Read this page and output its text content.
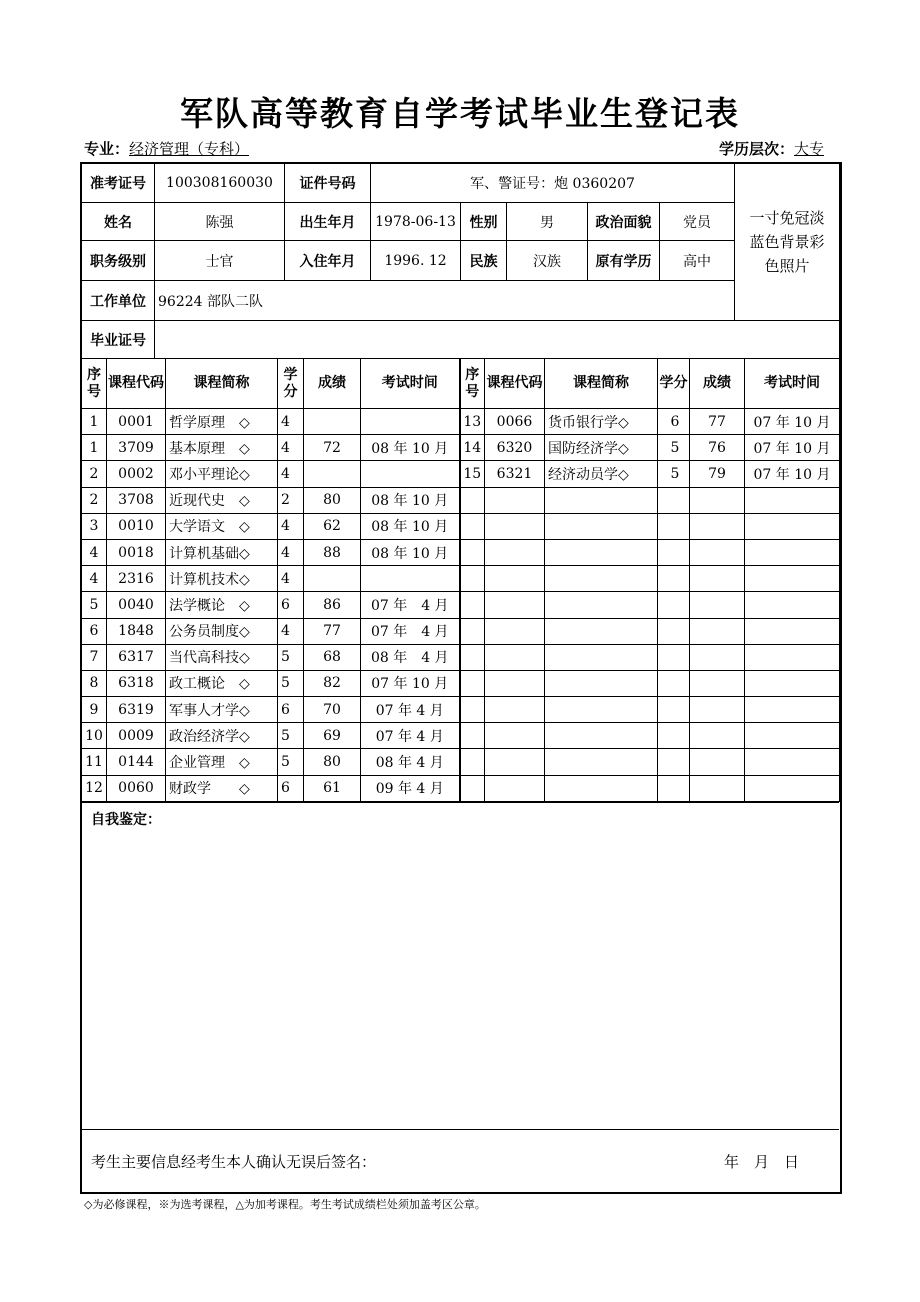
军队高等教育自学考试毕业生登记表
专业：经济管理（专科）	学历层次：大专
准考证号	100308160030	证件号码	军、警证号：炮 0360207					一寸免冠淡蓝色背景彩色照片

姓名	陈强	出生年月	1978-06-13	性别	男	政治面貌	党员	
职务级别	士官	入住年月	1996. 12	民族	汉族	原有学历	高中	
工作单位	96224 部队二队							
毕业证号								
序号	课程代码	课程简称	学分	成绩	考试时间	序号	课程代码	课程简称	学分	成绩	考试时间
1	0001	哲学原理　◇	4			13	0066	货币银行学◇	6	77	07 年 10 月
1	3709	基本原理　◇	4	72	08 年 10 月	14	6320	国防经济学◇	5	76	07 年 10 月
2	0002	邓小平理论◇	4			15	6321	经济动员学◇	5	79	07 年 10 月
2	3708	近现代史　◇	2	80	08 年 10 月						
3	0010	大学语文　◇	4	62	08 年 10 月						
4	0018	计算机基础◇	4	88	08 年 10 月						
4	2316	计算机技术◇	4								
5	0040	法学概论　◇	6	86	07 年　4 月						
6	1848	公务员制度◇	4	77	07 年　4 月						
7	6317	当代高科技◇	5	68	08 年　4 月						
8	6318	政工概论　◇	5	82	07 年 10 月						
9	6319	军事人才学◇	6	70	07 年 4 月						
10	0009	政治经济学◇	5	69	07 年 4 月						
11	0144	企业管理　◇	5	80	08 年 4 月						
12	0060	财政学　　◇	6	61	09 年 4 月						
自我鉴定：
考生主要信息经考生本人确认无误后签名：	年　月　日
◇为必修课程，※为选考课程，△为加考课程。考生考试成绩栏处须加盖考区公章。
